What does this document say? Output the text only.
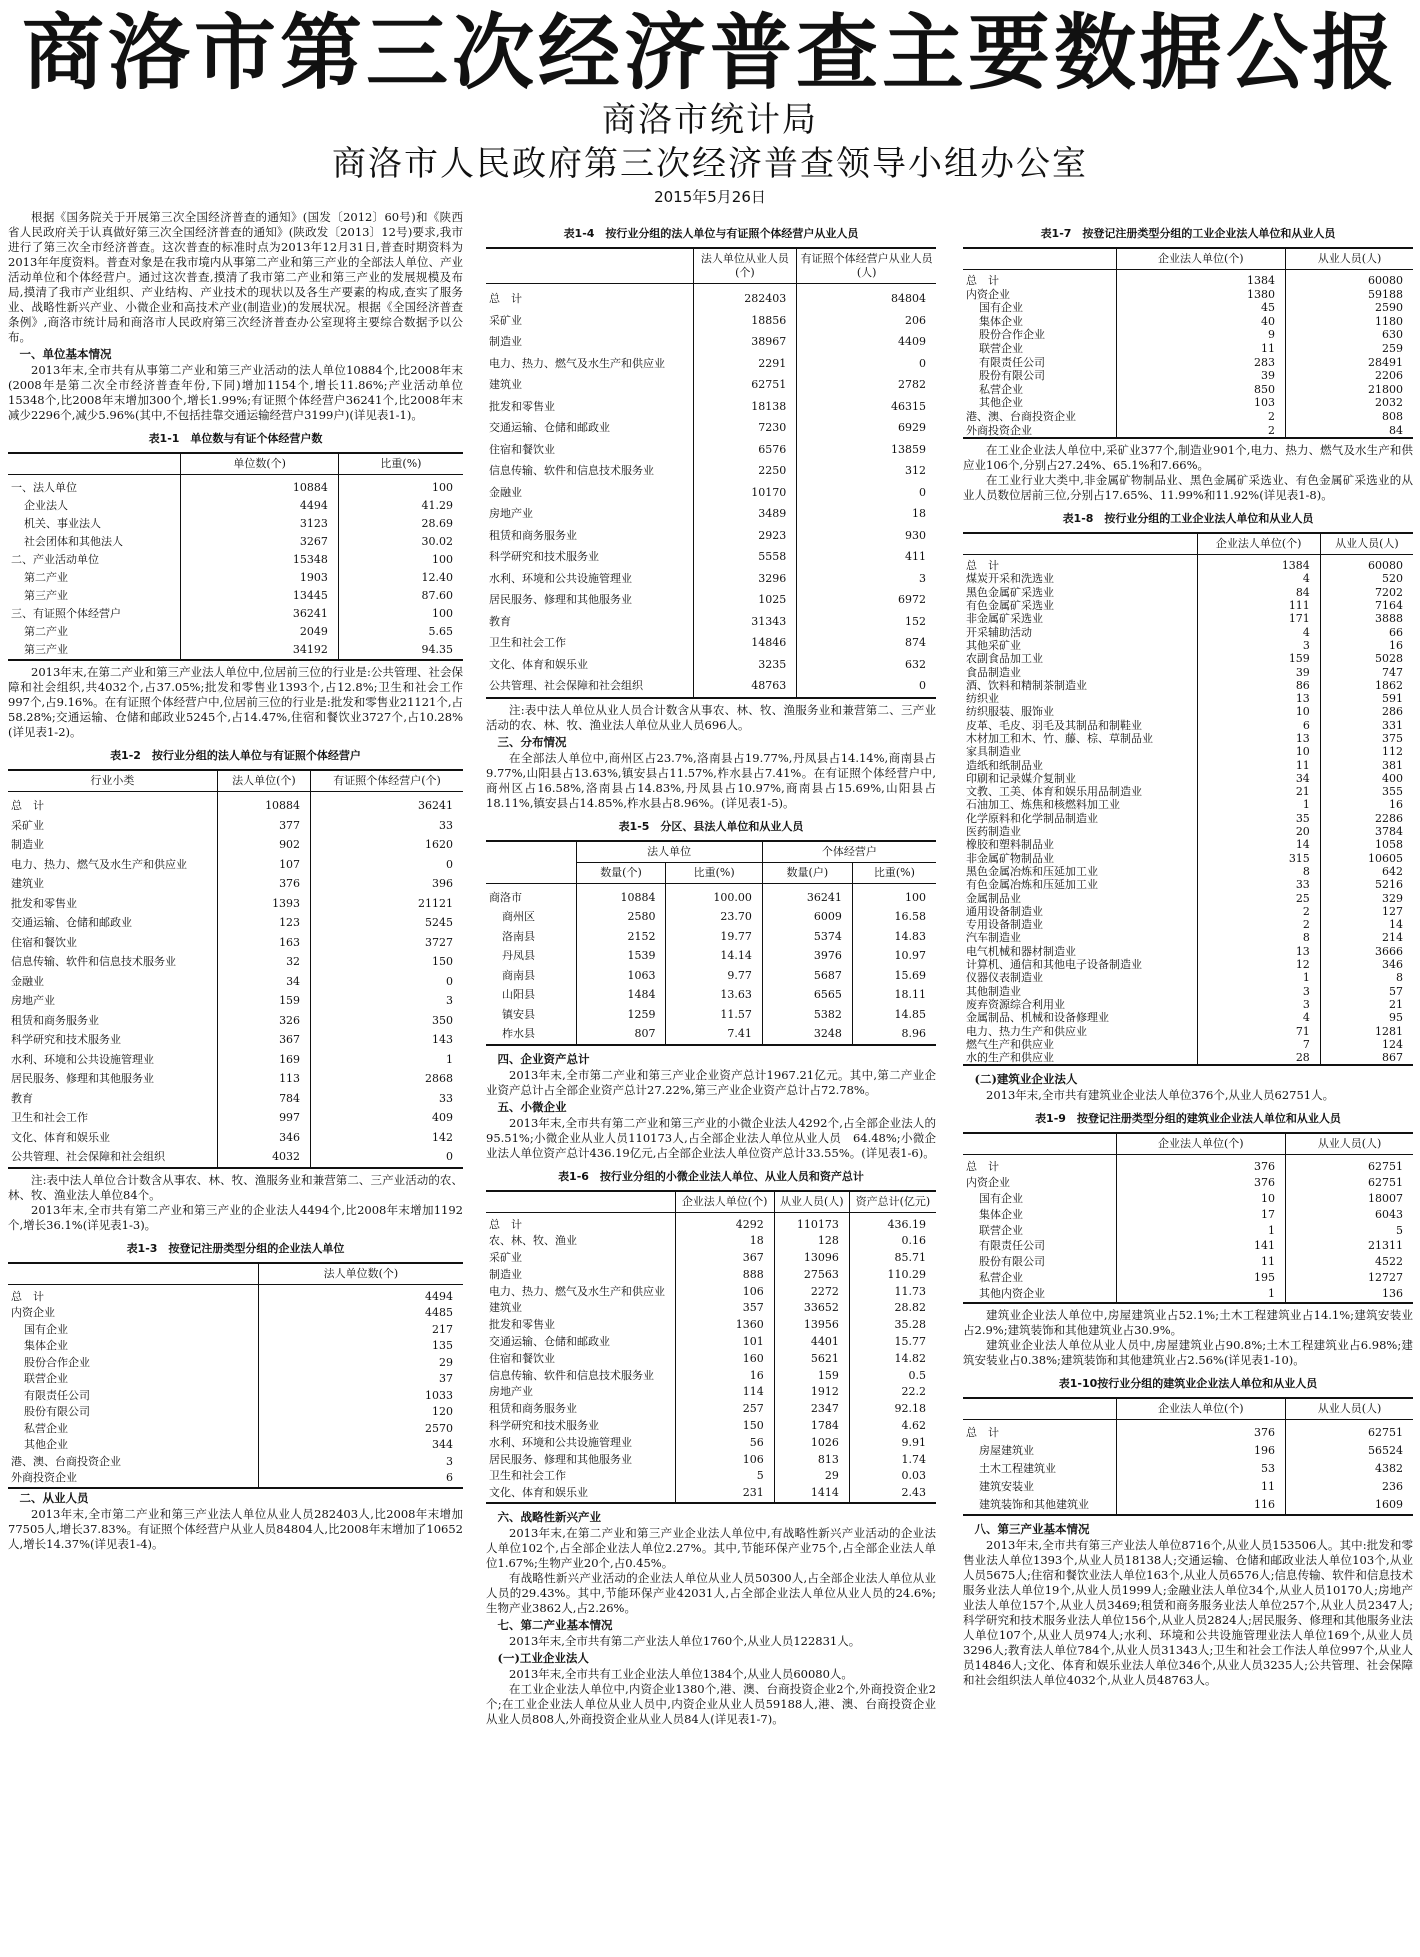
商洛市第三次经济普查主要数据公报
商洛市统计局
商洛市人民政府第三次经济普查领导小组办公室
2015年5月26日

根据《国务院关于开展第三次全国经济普查的通知》(国发〔2012〕60号)和《陕西省人民政府关于认真做好第三次全国经济普查的通知》(陕政发〔2013〕12号)要求,我市进行了第三次全市经济普查。这次普查的标准时点为2013年12月31日,普查时期资料为2013年年度资料。普查对象是在我市境内从事第二产业和第三产业的全部法人单位、产业活动单位和个体经营户。通过这次普查,摸清了我市第二产业和第三产业的发展规模及布局,摸清了我市产业组织、产业结构、产业技术的现状以及各生产要素的构成,查实了服务业、战略性新兴产业、小微企业和高技术产业(制造业)的发展状况。根据《全国经济普查条例》,商洛市统计局和商洛市人民政府第三次经济普查办公室现将主要综合数据予以公布。

一、单位基本情况

2013年末,全市共有从事第二产业和第三产业活动的法人单位10884个,比2008年末(2008年是第二次全市经济普查年份,下同)增加1154个,增长11.86%;产业活动单位15348个,比2008年末增加300个,增长1.99%;有证照个体经营户36241个,比2008年末减少2296个,减少5.96%(其中,不包括挂靠交通运输经营户3199户)(详见表1-1)。

表1-1　单位数与有证个体经营户数
	单位数(个)	比重(%)
一、法人单位	10884	100
企业法人	4494	41.29
机关、事业法人	3123	28.69
社会团体和其他法人	3267	30.02
二、产业活动单位	15348	100
第二产业	1903	12.40
第三产业	13445	87.60
三、有证照个体经营户	36241	100
第二产业	2049	5.65
第三产业	34192	94.35

2013年末,在第二产业和第三产业法人单位中,位居前三位的行业是:公共管理、社会保障和社会组织,共4032个,占37.05%;批发和零售业1393个,占12.8%;卫生和社会工作997个,占9.16%。在有证照个体经营户中,位居前三位的行业是:批发和零售业21121个,占58.28%;交通运输、仓储和邮政业5245个,占14.47%,住宿和餐饮业3727个,占10.28%(详见表1-2)。

表1-2　按行业分组的法人单位与有证照个体经营户
行业小类	法人单位(个)	有证照个体经营户(个)
总　计	10884	36241
采矿业	377	33
制造业	902	1620
电力、热力、燃气及水生产和供应业	107	0
建筑业	376	396
批发和零售业	1393	21121
交通运输、仓储和邮政业	123	5245
住宿和餐饮业	163	3727
信息传输、软件和信息技术服务业	32	150
金融业	34	0
房地产业	159	3
租赁和商务服务业	326	350
科学研究和技术服务业	367	143
水利、环境和公共设施管理业	169	1
居民服务、修理和其他服务业	113	2868
教育	784	33
卫生和社会工作	997	409
文化、体育和娱乐业	346	142
公共管理、社会保障和社会组织	4032	0

注:表中法人单位合计数含从事农、林、牧、渔服务业和兼营第二、三产业活动的农、林、牧、渔业法人单位84个。

2013年末,全市共有第二产业和第三产业的企业法人4494个,比2008年末增加1192个,增长36.1%(详见表1-3)。

表1-3　按登记注册类型分组的企业法人单位
	法人单位数(个)
总　计	4494
内资企业	4485
国有企业	217
集体企业	135
股份合作企业	29
联营企业	37
有限责任公司	1033
股份有限公司	120
私营企业	2570
其他企业	344
港、澳、台商投资企业	3
外商投资企业	6
二、从业人员

2013年末,全市第二产业和第三产业法人单位从业人员282403人,比2008年末增加77505人,增长37.83%。有证照个体经营户从业人员84804人,比2008年末增加了10652人,增长14.37%(详见表1-4)。

表1-4　按行业分组的法人单位与有证照个体经营户从业人员
	法人单位从业人员(个)	有证照个体经营户从业人员(人)
总　计	282403	84804
采矿业	18856	206
制造业	38967	4409
电力、热力、燃气及水生产和供应业	2291	0
建筑业	62751	2782
批发和零售业	18138	46315
交通运输、仓储和邮政业	7230	6929
住宿和餐饮业	6576	13859
信息传输、软件和信息技术服务业	2250	312
金融业	10170	0
房地产业	3489	18
租赁和商务服务业	2923	930
科学研究和技术服务业	5558	411
水利、环境和公共设施管理业	3296	3
居民服务、修理和其他服务业	1025	6972
教育	31343	152
卫生和社会工作	14846	874
文化、体育和娱乐业	3235	632
公共管理、社会保障和社会组织	48763	0

注:表中法人单位从业人员合计数含从事农、林、牧、渔服务业和兼营第二、三产业活动的农、林、牧、渔业法人单位从业人员696人。

三、分布情况

在全部法人单位中,商州区占23.7%,洛南县占19.77%,丹凤县占14.14%,商南县占9.77%,山阳县占13.63%,镇安县占11.57%,柞水县占7.41%。在有证照个体经营户中,商州区占16.58%,洛南县占14.83%,丹凤县占10.97%,商南县占15.69%,山阳县占18.11%,镇安县占14.85%,柞水县占8.96%。(详见表1-5)。

表1-5　分区、县法人单位和从业人员
	法人单位		个体经营户	
	数量(个)	比重(%)	数量(户)	比重(%)
商洛市	10884	100.00	36241	100
商州区	2580	23.70	6009	16.58
洛南县	2152	19.77	5374	14.83
丹凤县	1539	14.14	3976	10.97
商南县	1063	9.77	5687	15.69
山阳县	1484	13.63	6565	18.11
镇安县	1259	11.57	5382	14.85
柞水县	807	7.41	3248	8.96
四、企业资产总计

2013年末,全市第二产业和第三产业企业资产总计1967.21亿元。其中,第二产业企业资产总计占全部企业资产总计27.22%,第三产业企业资产总计占72.78%。

五、小微企业

2013年末,全市共有第二产业和第三产业的小微企业法人4292个,占全部企业法人的95.51%;小微企业从业人员110173人,占全部企业法人单位从业人员　64.48%;小微企业法人单位资产总计436.19亿元,占全部企业法人单位资产总计33.55%。(详见表1-6)。

表1-6　按行业分组的小微企业法人单位、从业人员和资产总计
	企业法人单位(个)	从业人员(人)	资产总计(亿元)
总　计	4292	110173	436.19
农、林、牧、渔业	18	128	0.16
采矿业	367	13096	85.71
制造业	888	27563	110.29
电力、热力、燃气及水生产和供应业	106	2272	11.73
建筑业	357	33652	28.82
批发和零售业	1360	13956	35.28
交通运输、仓储和邮政业	101	4401	15.77
住宿和餐饮业	160	5621	14.82
信息传输、软件和信息技术服务业	16	159	0.5
房地产业	114	1912	22.2
租赁和商务服务业	257	2347	92.18
科学研究和技术服务业	150	1784	4.62
水利、环境和公共设施管理业	56	1026	9.91
居民服务、修理和其他服务业	106	813	1.74
卫生和社会工作	5	29	0.03
文化、体育和娱乐业	231	1414	2.43
六、战略性新兴产业

2013年末,在第二产业和第三产业企业法人单位中,有战略性新兴产业活动的企业法人单位102个,占全部企业法人单位2.27%。其中,节能环保产业75个,占全部企业法人单位1.67%;生物产业20个,占0.45%。

有战略性新兴产业活动的企业法人单位从业人员50300人,占全部企业法人单位从业人员的29.43%。其中,节能环保产业42031人,占全部企业法人单位从业人员的24.6%;生物产业3862人,占2.26%。

七、第二产业基本情况

2013年末,全市共有第二产业法人单位1760个,从业人员122831人。

(一)工业企业法人

2013年末,全市共有工业企业法人单位1384个,从业人员60080人。

在工业企业法人单位中,内资企业1380个,港、澳、台商投资企业2个,外商投资企业2个;在工业企业法人单位从业人员中,内资企业从业人员59188人,港、澳、台商投资企业从业人员808人,外商投资企业从业人员84人(详见表1-7)。

表1-7　按登记注册类型分组的工业企业法人单位和从业人员
	企业法人单位(个)	从业人员(人)
总　计	1384	60080
内资企业	1380	59188
国有企业	45	2590
集体企业	40	1180
股份合作企业	9	630
联营企业	11	259
有限责任公司	283	28491
股份有限公司	39	2206
私营企业	850	21800
其他企业	103	2032
港、澳、台商投资企业	2	808
外商投资企业	2	84

在工业企业法人单位中,采矿业377个,制造业901个,电力、热力、燃气及水生产和供应业106个,分别占27.24%、65.1%和7.66%。

在工业行业大类中,非金属矿物制品业、黑色金属矿采选业、有色金属矿采选业的从业人员数位居前三位,分别占17.65%、11.99%和11.92%(详见表1-8)。

表1-8　按行业分组的工业企业法人单位和从业人员
	企业法人单位(个)	从业人员(人)
总　计	1384	60080
煤炭开采和洗选业	4	520
黑色金属矿采选业	84	7202
有色金属矿采选业	111	7164
非金属矿采选业	171	3888
开采辅助活动	4	66
其他采矿业	3	16
农副食品加工业	159	5028
食品制造业	39	747
酒、饮料和精制茶制造业	86	1862
纺织业	13	591
纺织服装、服饰业	10	286
皮革、毛皮、羽毛及其制品和制鞋业	6	331
木材加工和木、竹、藤、棕、草制品业	13	375
家具制造业	10	112
造纸和纸制品业	11	381
印刷和记录媒介复制业	34	400
文教、工美、体育和娱乐用品制造业	21	355
石油加工、炼焦和核燃料加工业	1	16
化学原料和化学制品制造业	35	2286
医药制造业	20	3784
橡胶和塑料制品业	14	1058
非金属矿物制品业	315	10605
黑色金属冶炼和压延加工业	8	642
有色金属冶炼和压延加工业	33	5216
金属制品业	25	329
通用设备制造业	2	127
专用设备制造业	2	14
汽车制造业	8	214
电气机械和器材制造业	13	3666
计算机、通信和其他电子设备制造业	12	346
仪器仪表制造业	1	8
其他制造业	3	57
废弃资源综合利用业	3	21
金属制品、机械和设备修理业	4	95
电力、热力生产和供应业	71	1281
燃气生产和供应业	7	124
水的生产和供应业	28	867
(二)建筑业企业法人

2013年末,全市共有建筑业企业法人单位376个,从业人员62751人。

表1-9　按登记注册类型分组的建筑业企业法人单位和从业人员
	企业法人单位(个)	从业人员(人)
总　计	376	62751
内资企业	376	62751
国有企业	10	18007
集体企业	17	6043
联营企业	1	5
有限责任公司	141	21311
股份有限公司	11	4522
私营企业	195	12727
其他内资企业	1	136

建筑业企业法人单位中,房屋建筑业占52.1%;土木工程建筑业占14.1%;建筑安装业占2.9%;建筑装饰和其他建筑业占30.9%。

建筑业企业法人单位从业人员中,房屋建筑业占90.8%;土木工程建筑业占6.98%;建筑安装业占0.38%;建筑装饰和其他建筑业占2.56%(详见表1-10)。

表1-10按行业分组的建筑业企业法人单位和从业人员
	企业法人单位(个)	从业人员(人)
总　计	376	62751
房屋建筑业	196	56524
土木工程建筑业	53	4382
建筑安装业	11	236
建筑装饰和其他建筑业	116	1609
八、第三产业基本情况

2013年末,全市共有第三产业法人单位8716个,从业人员153506人。其中:批发和零售业法人单位1393个,从业人员18138人;交通运输、仓储和邮政业法人单位103个,从业人员5675人;住宿和餐饮业法人单位163个,从业人员6576人;信息传输、软件和信息技术服务业法人单位19个,从业人员1999人;金融业法人单位34个,从业人员10170人;房地产业法人单位157个,从业人员3469;租赁和商务服务业法人单位257个,从业人员2347人;科学研究和技术服务业法人单位156个,从业人员2824人;居民服务、修理和其他服务业法人单位107个,从业人员974人;水利、环境和公共设施管理业法人单位169个,从业人员3296人;教育法人单位784个,从业人员31343人;卫生和社会工作法人单位997个,从业人员14846人;文化、体育和娱乐业法人单位346个,从业人员3235人;公共管理、社会保障和社会组织法人单位4032个,从业人员48763人。
